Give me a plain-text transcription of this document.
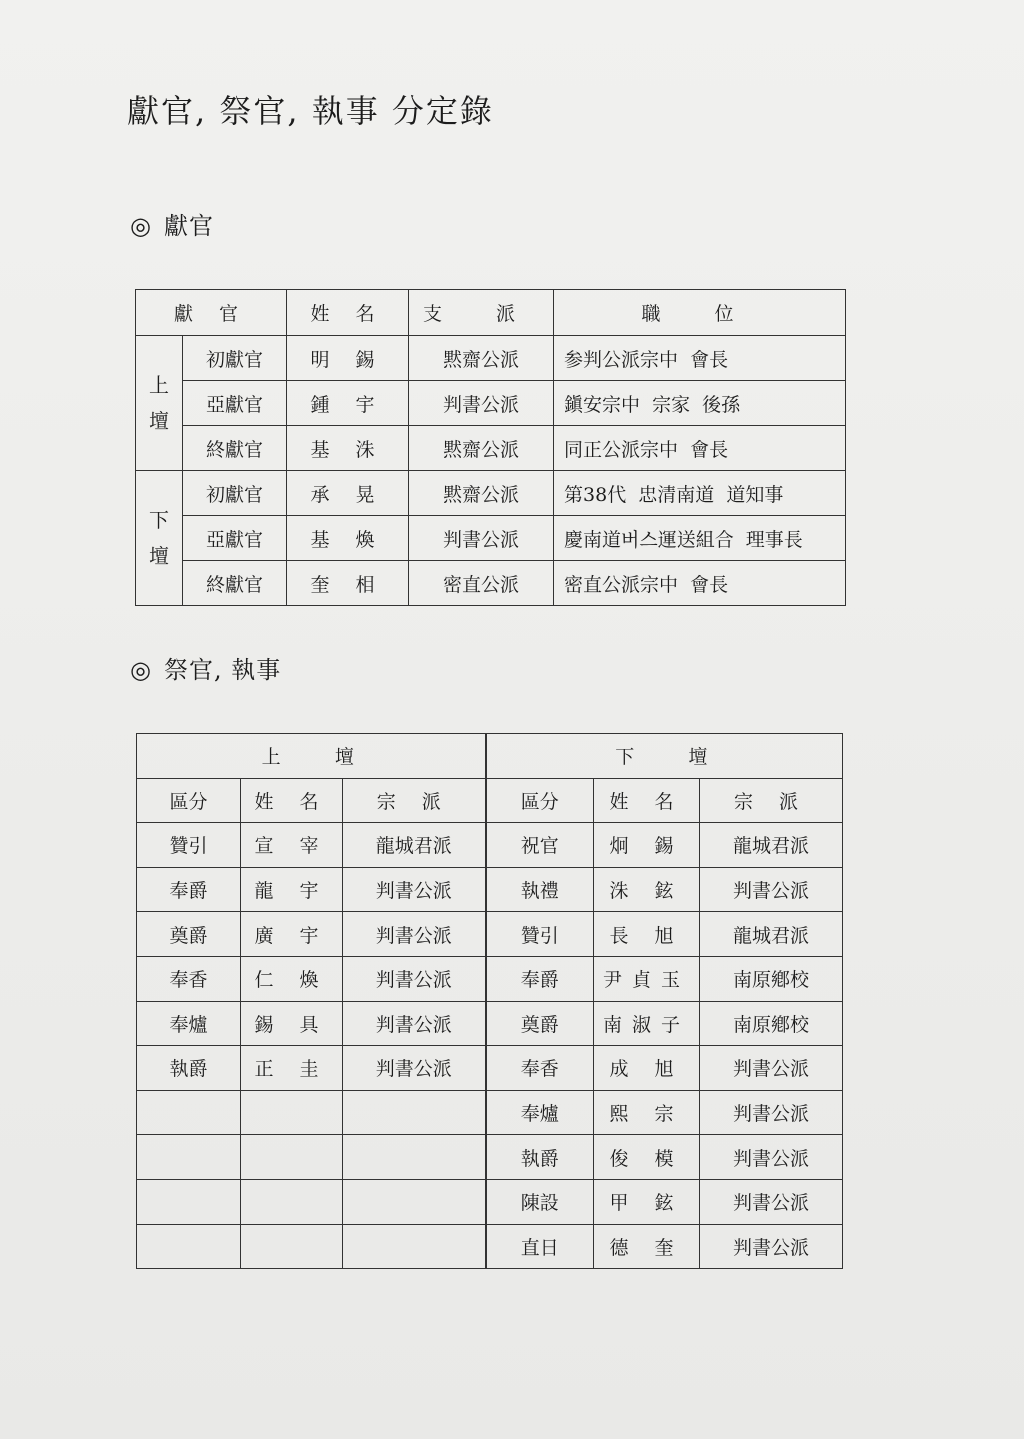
獻官, 祭官, 執事 分定錄
◎ 獻官
獻 官		姓 名	支 派	職 位
上
壇	初獻官	明 錫	黙齋公派	参判公派宗中  會長
	亞獻官	鍾 宇	判書公派	鎭安宗中  宗家  後孫
	終獻官	基 洙	黙齋公派	同正公派宗中  會長
下
壇	初獻官	承 晃	黙齋公派	第38代  忠清南道  道知事
	亞獻官	基 煥	判書公派	慶南道버스運送組合  理事長
	終獻官	奎 相	密直公派	密直公派宗中  會長
◎ 祭官, 執事
上    壇			下    壇		
區分	姓 名	宗 派	區分	姓 名	宗 派
贊引	宣 宰	龍城君派	祝官	炯 錫	龍城君派
奉爵	龍 宇	判書公派	執禮	洙 鉉	判書公派
奠爵	廣 宇	判書公派	贊引	長 旭	龍城君派
奉香	仁 煥	判書公派	奉爵	尹貞玉	南原鄕校
奉爐	錫 具	判書公派	奠爵	南淑子	南原鄕校
執爵	正 圭	判書公派	奉香	成 旭	判書公派
			奉爐	熙 宗	判書公派
			執爵	俊 模	判書公派
			陳設	甲 鉉	判書公派
			直日	德 奎	判書公派
